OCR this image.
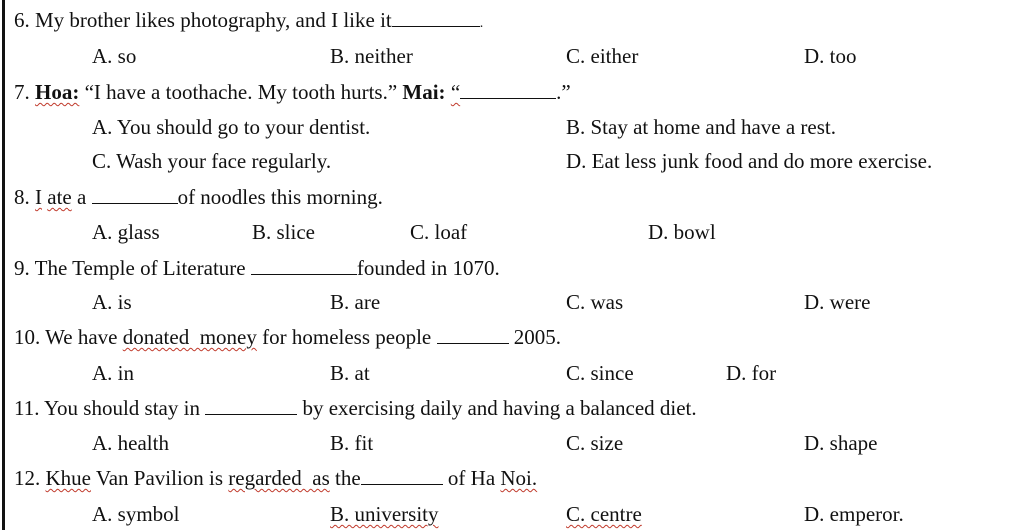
6. My brother likes photography, and I like it	.
A. so	B. neither	C. either	D. too
7. Hoa: “I have a toothache. My tooth hurts.” Mai: “	.”
A. You should go to your dentist.	B. Stay at home and have a rest.
C. Wash your face regularly.	D. Eat less junk food and do more exercise.
8. I ate a	of noodles this morning.
A. glass	B. slice	C. loaf	D. bowl
9. The Temple of Literature	founded in 1070.
A. is	B. are	C. was	D. were
10. We have donated  money for homeless people	2005.
A. in	B. at	C. since	D. for
11. You should stay in	by exercising daily and having a balanced diet.
A. health	B. fit	C. size	D. shape
12. Khue Van Pavilion is regarded  as the	of Ha Noi.
A. symbol	B. university	C. centre	D. emperor.
